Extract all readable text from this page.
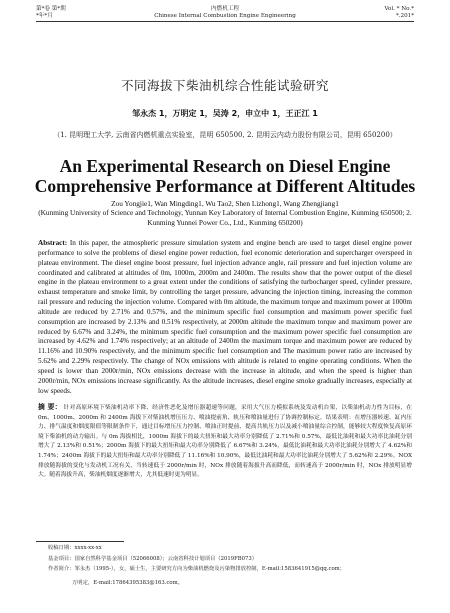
第*卷 第*期	内燃机工程	Vol. * No.*
*年*月	Chinese Internal Combustion Engine Engineering	*.201*
不同海拔下柴油机综合性能试验研究
邹永杰 1，万明定 1，吴涛 2，申立中 1，王正江 1
（1. 昆明理工大学, 云南省内燃机重点实验室，昆明 650500, 2. 昆明云内动力股份有限公司，昆明 650200）
An Experimental Research on Diesel Engine Comprehensive Performance at Different Altitudes
Zou Yongjie1, Wan Mingding1, Wu Tao2, Shen Lizhong1, Wang Zhengjiang1
(Kunming University of Science and Technology, Yunnan Key Laboratory of Internal Combustion Engine, Kunming 650500; 2. Kunming Yunnei Power Co., Ltd., Kunming 650200)
Abstract: In this paper, the atmospheric pressure simulation system and engine bench are used to target diesel engine power performance to solve the problems of diesel engine power reduction, fuel economic deterioration and supercharger overspeed in plateau environment. The diesel engine boost pressure, fuel injection advance angle, rail pressure and fuel injection volume are coordinated and calibrated at altitudes of 0m, 1000m, 2000m and 2400m. The results show that the power output of the diesel engine in the plateau environment to a great extent under the conditions of satisfying the turbocharger speed, cylinder pressure, exhaust temperature and smoke limit, by controlling the target pressure, advancing the injection timing, increasing the common rail pressure and reducing the injection volume. Compared with 0m altitude, the maximum torque and maximum power at 1000m altitude are reduced by 2.71% and 0.57%, and the minimum specific fuel consumption and maximum power specific fuel consumption are increased by 2.13% and 0.51% respectively, at 2000m altitude the maximum torque and maximum power are reduced by 6.67% and 3.24%, the minimum specific fuel consumption and the maximum power specific fuel consumption are increased by 4.62% and 1.74% respectively; at an altitude of 2400m the maximum torque and maximum power are reduced by 11.16% and 10.90% respectively, and the minimum specific fuel consumption and The maximum power ratio are increased by 5.62% and 2.29% respectively. The change of NOx emissions with altitude is related to engine operating conditions. When the speed is lower than 2000r/min, NOx emissions decrease with the increase in altitude, and when the speed is higher than 2000r/min, NOx emissions increase significantly. As the altitude increases, diesel engine smoke gradually increases, especially at low speeds.
摘 要： 针对高原环境下柴油机功率下降、经济性恶化及增压器超速等问题，采用大气压力模拟系统及发动机台架，以柴油机动力性为目标，在 0m、1000m、2000m 和 2400m 海拔下对柴油机增压压力、喷油提前角、轨压和喷油量进行了协调控制标定。结果表明：在增压器转速、缸内压力、排气温度和烟度限值等限制条件下，通过目标增压压力控制、喷油正时提前、提高共轨压力以及减小喷油量综合控制，能够较大程度恢复高原环境下柴油机的动力输出。与 0m 海拔相比，1000m 海拔下的最大扭矩和最大功率分别降低了 2.71%和 0.57%，最低比油耗和最大功率比油耗分别增大了 2.13%和 0.51%；2000m 海拔下的最大扭矩和最大功率分别降低了 6.67%和 3.24%，最低比油耗和最大功率比油耗分别增大了 4.62%和 1.74%；2400m 海拔下的最大扭矩和最大功率分别降低了 11.16%和 10.90%，最低比油耗和最大功率比油耗分别增大了 5.62%和 2.29%。NOX 排放随海拔的变化与发动机工况有关，当转速低于 2000r/min 时，NOx 排放随着海拔升高而降低，而转速高于 2000r/min 时，NOx 排放明显增大。随着海拔升高，柴油机烟度逐渐增大，尤其低速时更为明显。
收稿日期：xxxx-xx-xx
基金项目：国家自然科学基金项目（52066008）；云南省科技计划项目（2019FB073）
作者简介：邹永杰（1995-），女，硕士生，主要研究方向为柴油机燃烧及污染物排放控制，E-mail:1583641915@qq.com；
万明定，E-mail:17864395383@163.com。
